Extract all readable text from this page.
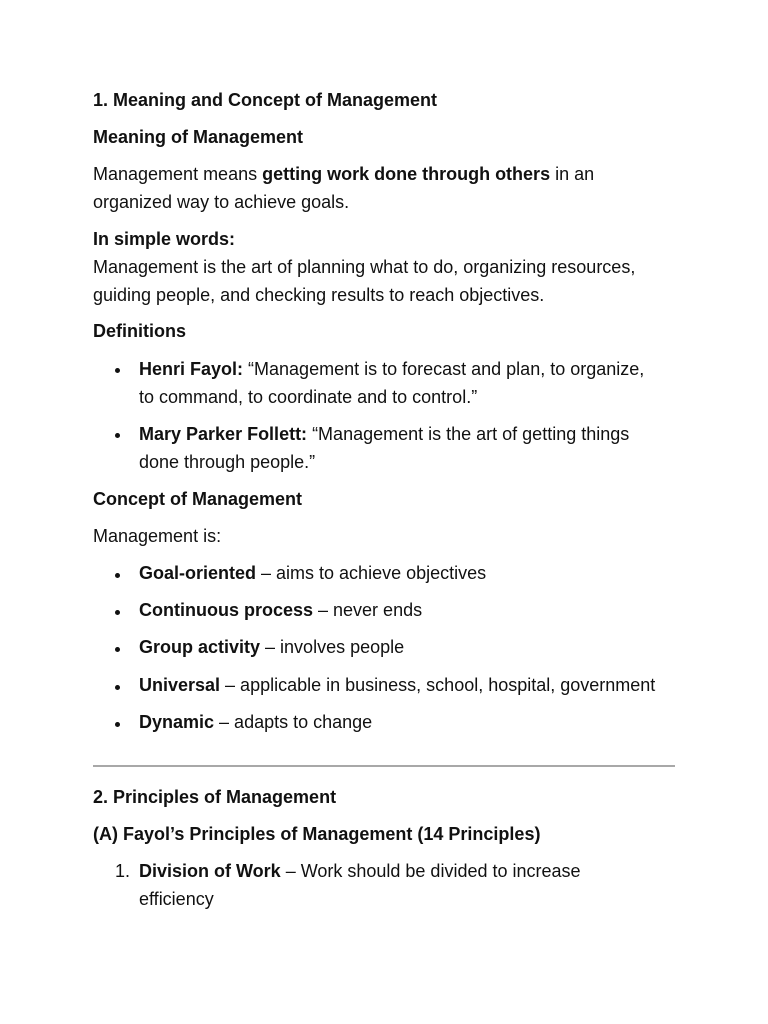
1. Meaning and Concept of Management
Meaning of Management
Management means getting work done through others in an
organized way to achieve goals.
In simple words:
Management is the art of planning what to do, organizing resources,
guiding people, and checking results to reach objectives.
Definitions
Henri Fayol: “Management is to forecast and plan, to organize,
to command, to coordinate and to control.”
Mary Parker Follett: “Management is the art of getting things
done through people.”
Concept of Management
Management is:
Goal-oriented – aims to achieve objectives
Continuous process – never ends
Group activity – involves people
Universal – applicable in business, school, hospital, government
Dynamic – adapts to change
2. Principles of Management
(A) Fayol’s Principles of Management (14 Principles)
1. Division of Work – Work should be divided to increase
efficiency
